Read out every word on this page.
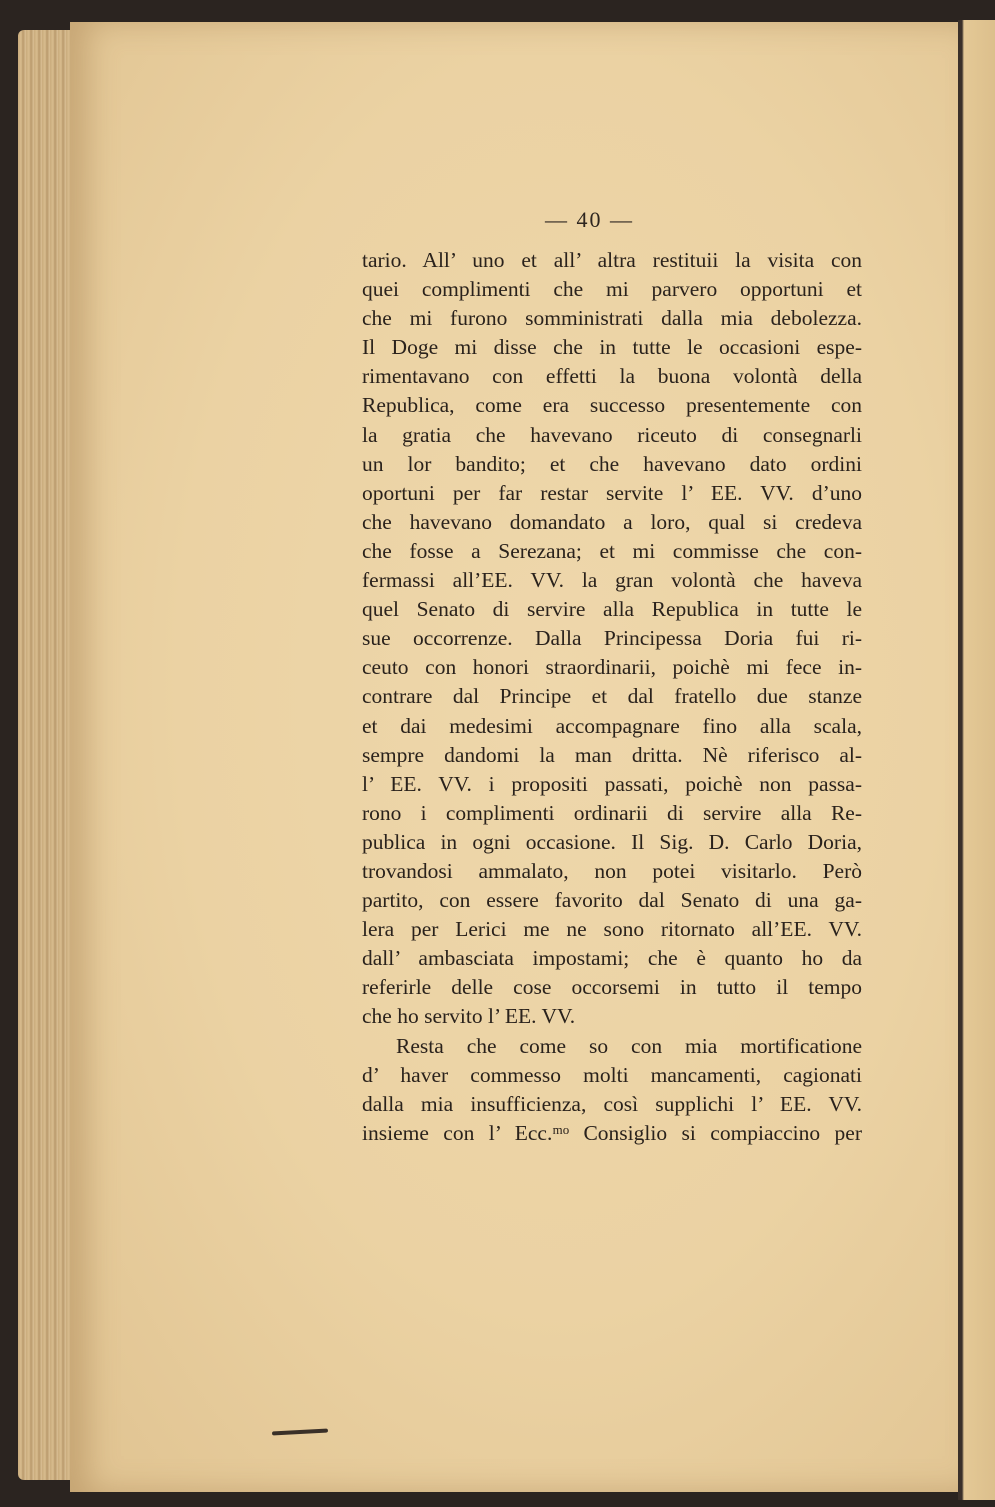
— 40 —
tario. All’ uno et all’ altra restituii la visita con
quei complimenti che mi parvero opportuni et
che mi furono somministrati dalla mia debolezza.
Il Doge mi disse che in tutte le occasioni espe-
rimentavano con effetti la buona volontà della
Republica, come era successo presentemente con
la gratia che havevano riceuto di consegnarli
un lor bandito; et che havevano dato ordini
oportuni per far restar servite l’ EE. VV. d’uno
che havevano domandato a loro, qual si credeva
che fosse a Serezana; et mi commisse che con-
fermassi all’EE. VV. la gran volontà che haveva
quel Senato di servire alla Republica in tutte le
sue occorrenze. Dalla Principessa Doria fui ri-
ceuto con honori straordinarii, poichè mi fece in-
contrare dal Principe et dal fratello due stanze
et dai medesimi accompagnare fino alla scala,
sempre dandomi la man dritta. Nè riferisco al-
l’ EE. VV. i propositi passati, poichè non passa-
rono i complimenti ordinarii di servire alla Re-
publica in ogni occasione. Il Sig. D. Carlo Doria,
trovandosi ammalato, non potei visitarlo. Però
partito, con essere favorito dal Senato di una ga-
lera per Lerici me ne sono ritornato all’EE. VV.
dall’ ambasciata impostami; che è quanto ho da
referirle delle cose occorsemi in tutto il tempo
che ho servito l’ EE. VV.
Resta che come so con mia mortificatione
d’ haver commesso molti mancamenti, cagionati
dalla mia insufficienza, così supplichi l’ EE. VV.
insieme con l’ Ecc.ᵐᵒ Consiglio si compiaccino per
